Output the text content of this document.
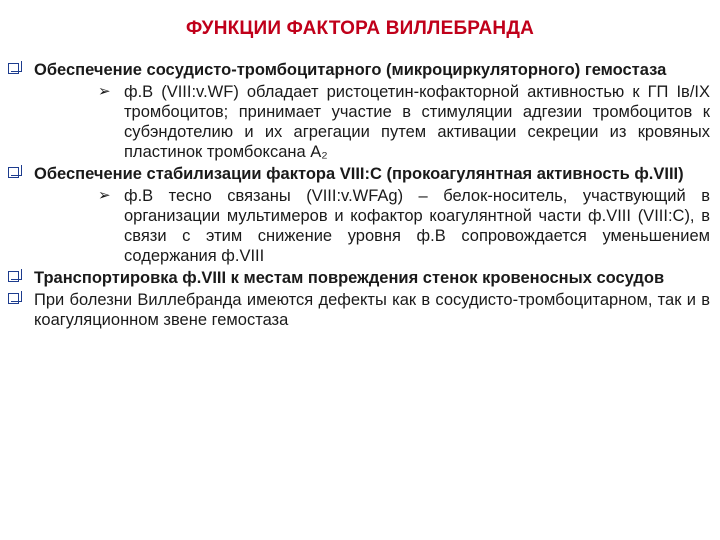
ФУНКЦИИ ФАКТОРА ВИЛЛЕБРАНДА
Обеспечение сосудисто-тромбоцитарного (микроциркуляторного) гемостаза
➢ ф.В (VIII:v.WF) обладает ристоцетин-кофакторной активностью к ГП Iв/IX тромбоцитов; принимает участие в стимуляции адгезии тромбоцитов к субэндотелию и их агрегации путем активации секреции из кровяных пластинок тромбоксана А₂
Обеспечение стабилизации фактора VIII:С (прокоагулянтная активность ф.VIII)
➢ ф.В тесно связаны (VIII:v.WFAg) – белок-носитель, участвующий в организации мультимеров и кофактор коагулянтной части ф.VIII (VIII:С), в связи с этим снижение уровня ф.В сопровождается уменьшением содержания ф.VIII
Транспортировка ф.VIII к местам повреждения стенок кровеносных сосудов
При болезни Виллебранда имеются дефекты как в сосудисто-тромбоцитарном, так и в коагуляционном звене гемостаза
